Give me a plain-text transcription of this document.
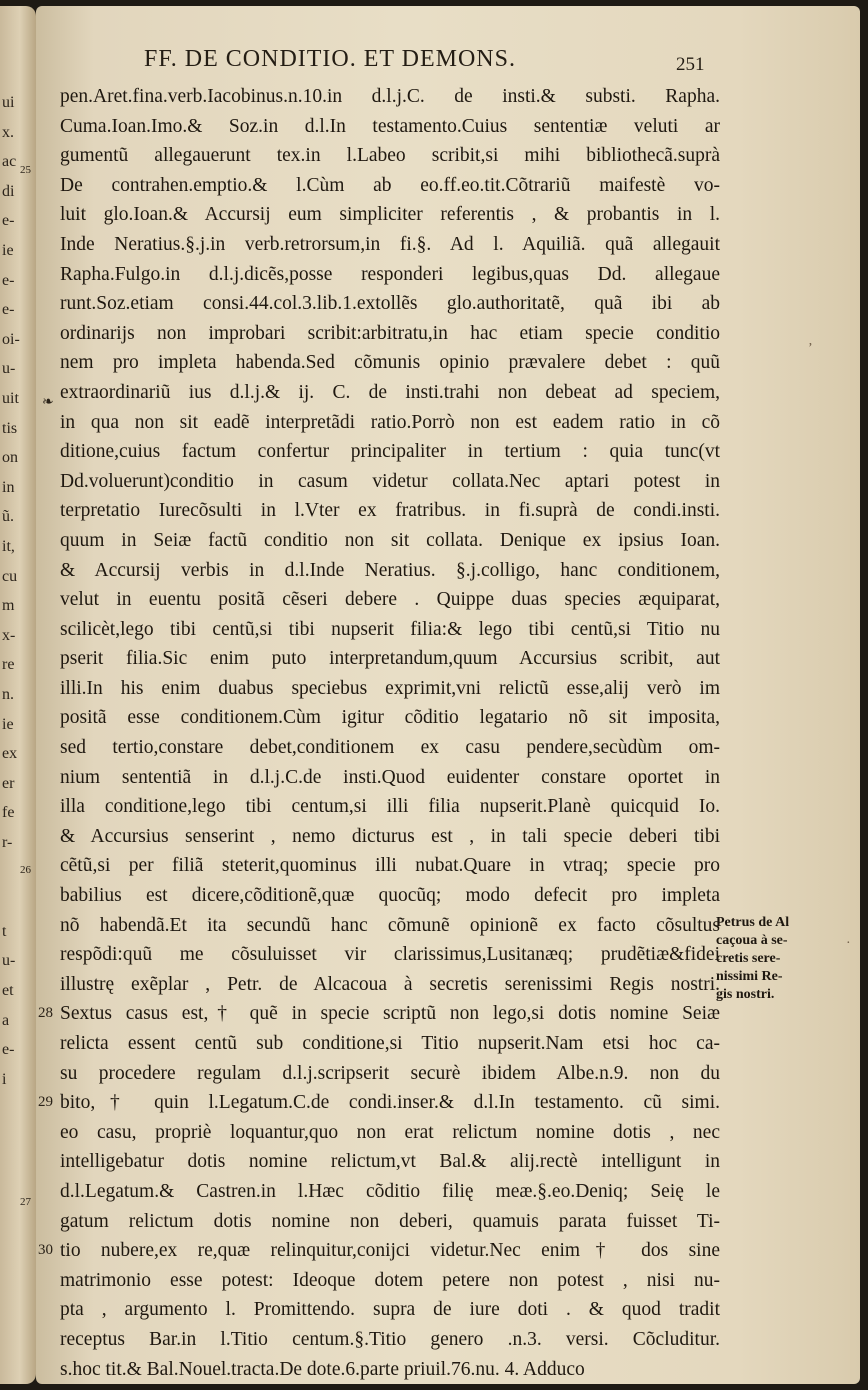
ui
x.
ac
di
e-
ie
e-
e-
oi-
u-
uit
tis
on
in
ũ.
it,
cu
m
x-
re
n.
ie
ex
er
fe
r-
t
u-
et
a
e-
i
25
26
27
FF. DE CONDITIO. ET DEMONS.	251
❧
pen.Aret.fina.verb.Iacobinus.n.10.in d.l.j.C. de insti.& substi. Rapha.
Cuma.Ioan.Imo.& Soz.in d.l.In testamento.Cuius sententiæ veluti ar
gumentũ allegauerunt tex.in l.Labeo scribit,si mihi bibliothecã.suprà
De contrahen.emptio.& l.Cùm ab eo.ff.eo.tit.Cõtrariũ maifestè vo-
luit glo.Ioan.& Accursij eum simpliciter referentis , & probantis in l.
Inde Neratius.§.j.in verb.retrorsum,in fi.§. Ad l. Aquiliã. quã allegauit
Rapha.Fulgo.in d.l.j.dicẽs,posse responderi legibus,quas Dd. allegaue
runt.Soz.etiam consi.44.col.3.lib.1.extollẽs glo.authoritatẽ, quã ibi ab
ordinarijs non improbari scribit:arbitratu,in hac etiam specie conditio
nem pro impleta habenda.Sed cõmunis opinio prævalere debet : quũ
extraordinariũ ius d.l.j.& ij. C. de insti.trahi non debeat ad speciem,
in qua non sit eadẽ interpretãdi ratio.Porrò non est eadem ratio in cõ
ditione,cuius factum confertur principaliter in tertium : quia tunc(vt
Dd.voluerunt)conditio in casum videtur collata.Nec aptari potest in
terpretatio Iurecõsulti in l.Vter ex fratribus. in fi.suprà de condi.insti.
quum in Seiæ factũ conditio non sit collata. Denique ex ipsius Ioan.
& Accursij verbis in d.l.Inde Neratius. §.j.colligo, hanc conditionem,
velut in euentu positã cẽseri debere . Quippe duas species æquiparat,
scilicèt,lego tibi centũ,si tibi nupserit filia:& lego tibi centũ,si Titio nu
pserit filia.Sic enim puto interpretandum,quum Accursius scribit, aut
illi.In his enim duabus speciebus exprimit,vni relictũ esse,alij verò im
positã esse conditionem.Cùm igitur cõditio legatario nõ sit imposita,
sed tertio,constare debet,conditionem ex casu pendere,secùdùm om-
nium sententiã in d.l.j.C.de insti.Quod euidenter constare oportet in
illa conditione,lego tibi centum,si illi filia nupserit.Planè quicquid Io.
& Accursius senserint , nemo dicturus est , in tali specie deberi tibi
cẽtũ,si per filiã steterit,quominus illi nubat.Quare in vtraq; specie pro
babilius est dicere,cõditionẽ,quæ quocũq; modo defecit pro impleta
nõ habendã.Et ita secundũ hanc cõmunẽ opinionẽ ex facto cõsultus
respõdi:quũ me cõsuluisset vir clarissimus,Lusitanæq; prudẽtiæ&fidei
illustrę exẽplar , Petr. de Alcacoua à secretis serenissimi Regis nostri.
28 Sextus casus est,† quẽ in specie scriptũ non lego,si dotis nomine Seiæ
relicta essent centũ sub conditione,si Titio nupserit.Nam etsi hoc ca-
su procedere regulam d.l.j.scripserit securè ibidem Albe.n.9. non du
29 bito,† quin l.Legatum.C.de condi.inser.& d.l.In testamento. cũ simi.
eo casu, propriè loquantur,quo non erat relictum nomine dotis , nec
intelligebatur dotis nomine relictum,vt Bal.& alij.rectè intelligunt in
d.l.Legatum.& Castren.in l.Hæc cõditio filię meæ.§.eo.Deniq; Seię le
gatum relictum dotis nomine non deberi, quamuis parata fuisset Ti-
30 tio nubere,ex re,quæ relinquitur,conijci videtur.Nec enim† dos sine
matrimonio esse potest: Ideoque dotem petere non potest , nisi nu-
pta , argumento l. Promittendo. supra de iure doti . & quod tradit
receptus Bar.in l.Titio centum.§.Titio genero .n.3. versi. Cõcluditur.
s.hoc tit.& Bal.Nouel.tracta.De dote.6.parte priuil.76.nu. 4. Adduco
Petrus de Al
caçoua à se-
cretis sere-
nissimi Re-
gis nostri.
ʼ
·
